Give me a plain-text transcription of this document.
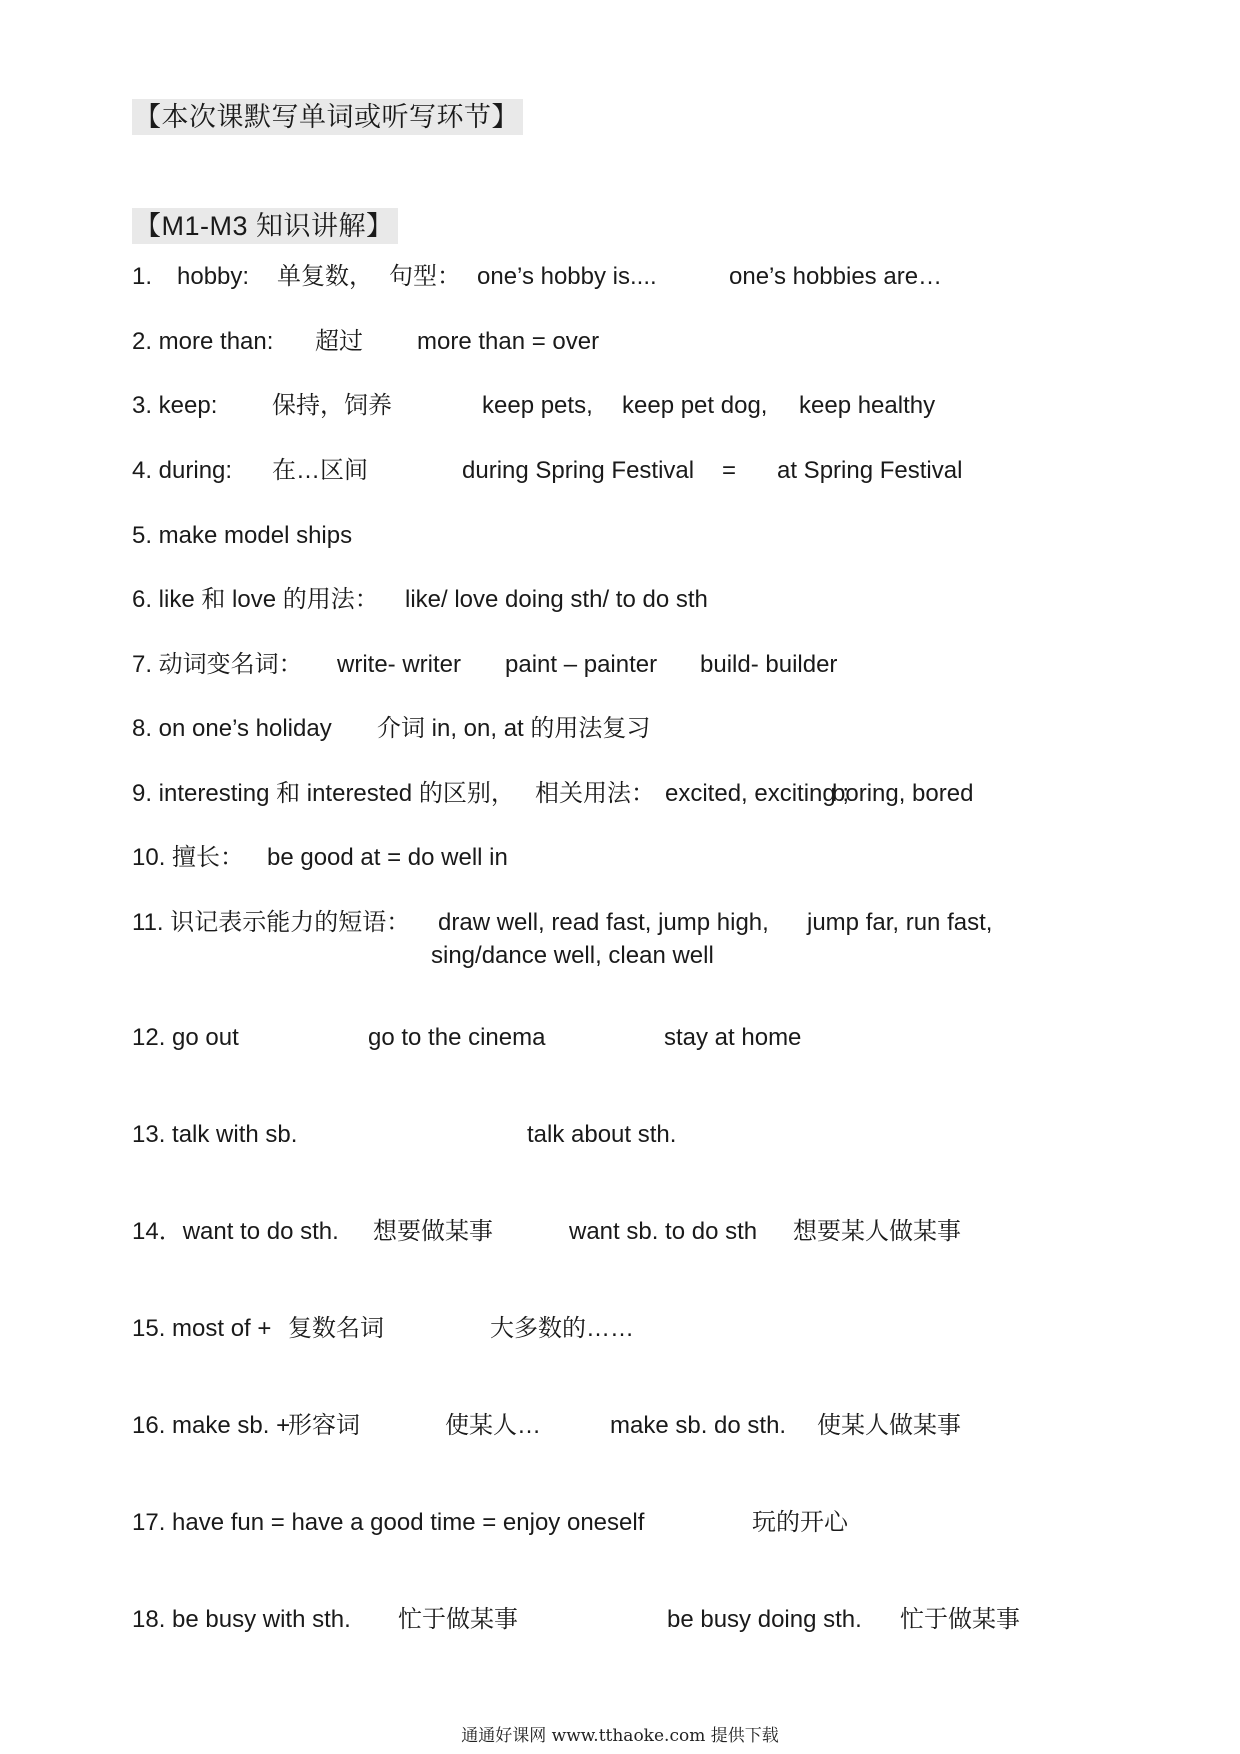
【本次课默写单词或听写环节】
【M1-M3 知识讲解】
1. hobby: 单复数， 句型： one’s hobby is....	one’s hobbies are…
2. more than: 超过 more than = over
3. keep: 保持，饲养	keep pets, keep pet dog, keep healthy
4. during: 在…区间	during Spring Festival = at Spring Festival
5. make model ships
6. like 和 love 的用法： like/ love doing sth/ to do sth
7. 动词变名词： write- writer paint – painter build- builder
8. on one’s holiday 介词 in, on, at 的用法复习
9. interesting 和 interested 的区别， 相关用法： excited, exciting ;
boring, bored
10. 擅长： be good at = do well in
11. 识记表示能力的短语： draw well, read fast, jump high, jump far, run fast,
sing/dance well, clean well
12. go out	go to the cinema	stay at home
13. talk with sb.	talk about sth.
14．want to do sth. 想要做某事	want sb. to do sth 想要某人做某事
15. most of + 复数名词	大多数的……
16. make sb. +
形容词	使某人…	make sb. do sth. 使某人做某事
17. have fun = have a good time = enjoy oneself	玩的开心
18. be busy with sth. 忙于做某事	be busy doing sth. 忙于做某事
通通好课网 www.tthaoke.com 提供下载
